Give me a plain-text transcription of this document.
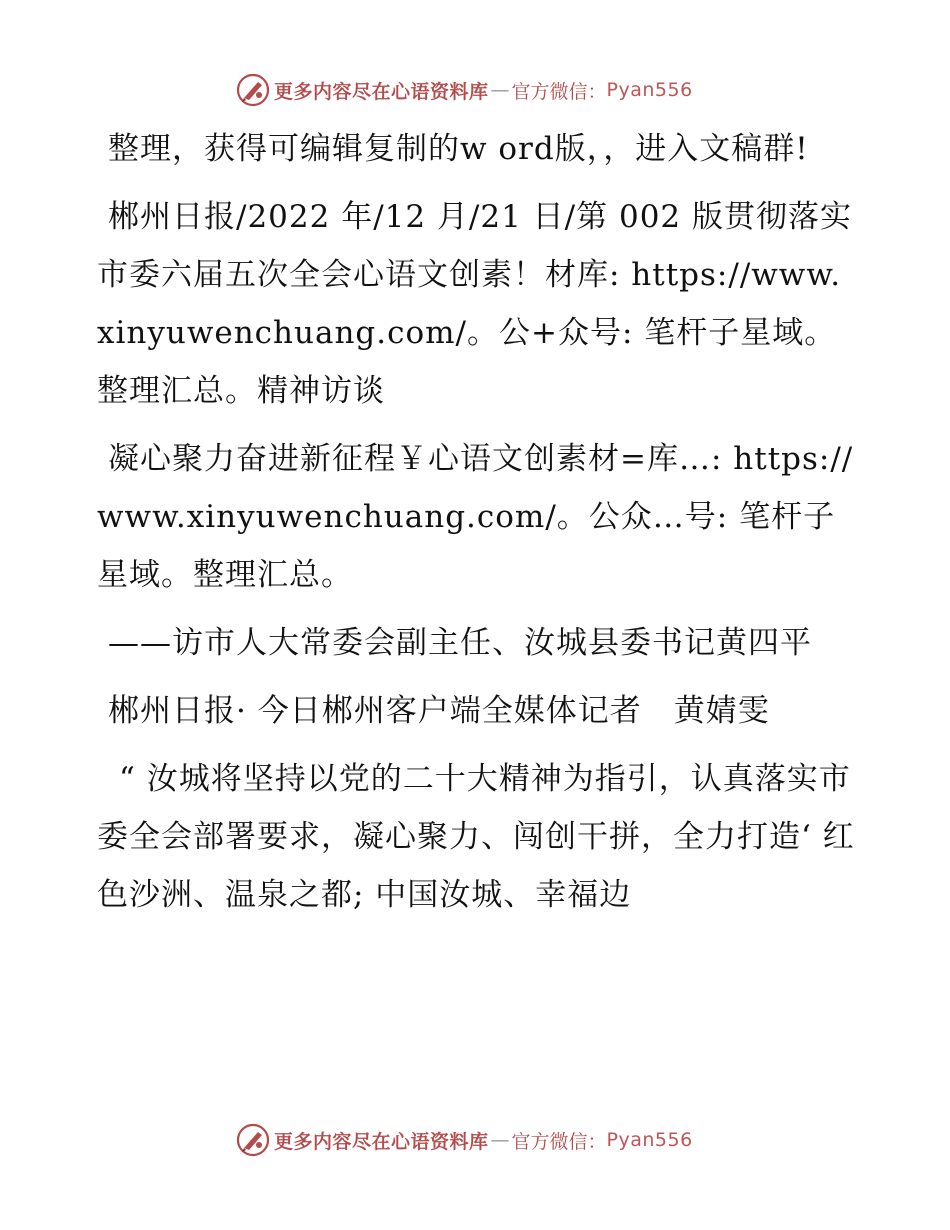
更多内容尽在心语资料库 — 官方微信： Pyan556

整理，获得可编辑复制的w ord版，，进入文稿群!

郴州日报/2022 年/12 月/21 日/第 002 版贯彻落实市委六届五次全会心语文创素！材库: https://www.xinyuwenchuang.com/。公+众号: 笔杆子星域。整理汇总。精神访谈

凝心聚力奋进新征程￥心语文创素材=库…: https://www.xinyuwenchuang.com/。公众…号: 笔杆子星域。整理汇总。

——访市人大常委会副主任、汝城县委书记黄四平

郴州日报· 今日郴州客户端全媒体记者　黄婧雯

“ 汝城将坚持以党的二十大精神为指引，认真落实市委全会部署要求，凝心聚力、闯创干拼，全力打造‘ 红色沙洲、温泉之都; 中国汝城、幸福边

更多内容尽在心语资料库 — 官方微信： Pyan556
